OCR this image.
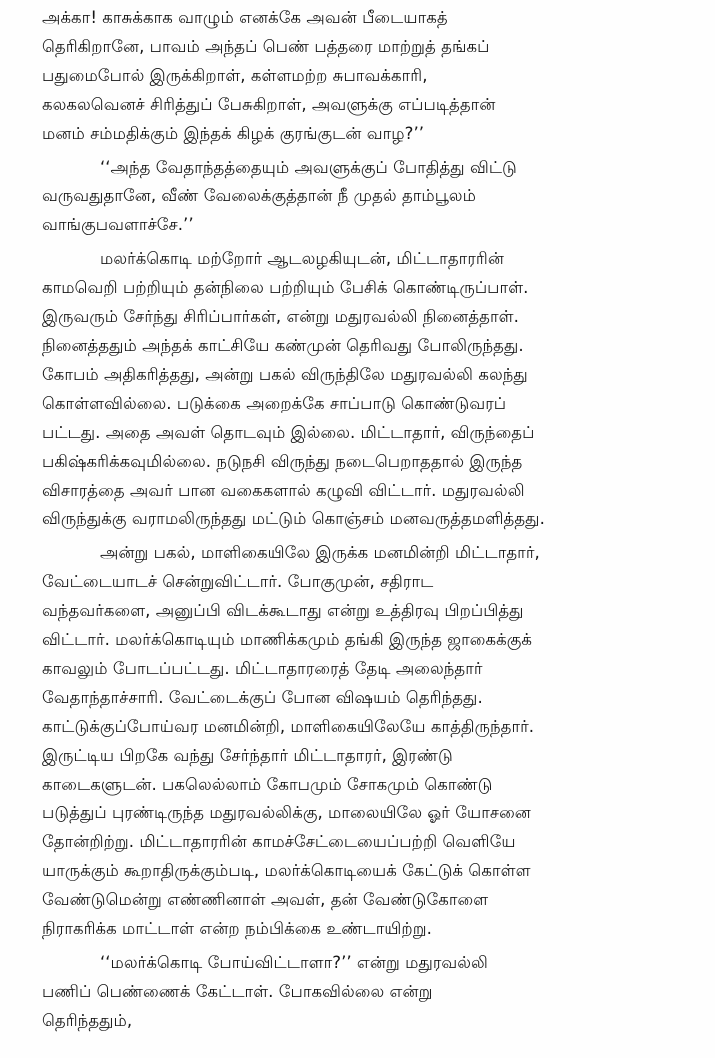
அக்கா! காசுக்காக வாழும் எனக்கே அவன் பீடையாகத்
தெரிகிறானே, பாவம் அந்தப் பெண் பத்தரை மாற்றுத் தங்கப்
பதுமைபோல் இருக்கிறாள், கள்ளமற்ற சுபாவக்காரி,
கலகலவெனச் சிரித்துப் பேசுகிறாள், அவளுக்கு எப்படித்தான்
மனம் சம்மதிக்கும் இந்தக் கிழக் குரங்குடன் வாழ?’’
‘‘அந்த வேதாந்தத்தையும் அவளுக்குப் போதித்து விட்டு
வருவதுதானே, வீண் வேலைக்குத்தான் நீ முதல் தாம்பூலம்
வாங்குபவளாச்சே.’’
மலர்க்கொடி மற்றோர் ஆடலழகியுடன், மிட்டாதாரரின்
காமவெறி பற்றியும் தன்நிலை பற்றியும் பேசிக் கொண்டிருப்பாள்.
இருவரும் சேர்ந்து சிரிப்பார்கள், என்று மதுரவல்லி நினைத்தாள்.
நினைத்ததும் அந்தக் காட்சியே கண்முன் தெரிவது போலிருந்தது.
கோபம் அதிகரித்தது, அன்று பகல் விருந்திலே மதுரவல்லி கலந்து
கொள்ளவில்லை. படுக்கை அறைக்கே சாப்பாடு கொண்டுவரப்
பட்டது. அதை அவள் தொடவும் இல்லை. மிட்டாதார், விருந்தைப்
பகிஷ்கரிக்கவுமில்லை. நடுநசி விருந்து நடைபெறாததால் இருந்த
விசாரத்தை அவர் பான வகைகளால் கழுவி விட்டார். மதுரவல்லி
விருந்துக்கு வராமலிருந்தது மட்டும் கொஞ்சம் மனவருத்தமளித்தது.
அன்று பகல், மாளிகையிலே இருக்க மனமின்றி மிட்டாதார்,
வேட்டையாடச் சென்றுவிட்டார். போகுமுன், சதிராட
வந்தவர்களை, அனுப்பி விடக்கூடாது என்று உத்திரவு பிறப்பித்து
விட்டார். மலர்க்கொடியும் மாணிக்கமும் தங்கி இருந்த ஜாகைக்குக்
காவலும் போடப்பட்டது. மிட்டாதாரரைத் தேடி அலைந்தார்
வேதாந்தாச்சாரி. வேட்டைக்குப் போன விஷயம் தெரிந்தது.
காட்டுக்குப்போய்வர மனமின்றி, மாளிகையிலேயே காத்திருந்தார்.
இருட்டிய பிறகே வந்து சேர்ந்தார் மிட்டாதாரர், இரண்டு
காடைகளுடன். பகலெல்லாம் கோபமும் சோகமும் கொண்டு
படுத்துப் புரண்டிருந்த மதுரவல்லிக்கு, மாலையிலே ஓர் யோசனை
தோன்றிற்று. மிட்டாதாரரின் காமச்சேட்டையைப்பற்றி வெளியே
யாருக்கும் கூறாதிருக்கும்படி, மலர்க்கொடியைக் கேட்டுக் கொள்ள
வேண்டுமென்று எண்ணினாள் அவள், தன் வேண்டுகோளை
நிராகரிக்க மாட்டாள் என்ற நம்பிக்கை உண்டாயிற்று.
‘‘மலர்க்கொடி போய்விட்டாளா?’’ என்று மதுரவல்லி
பணிப் பெண்ணைக் கேட்டாள். போகவில்லை என்று
தெரிந்ததும்,
